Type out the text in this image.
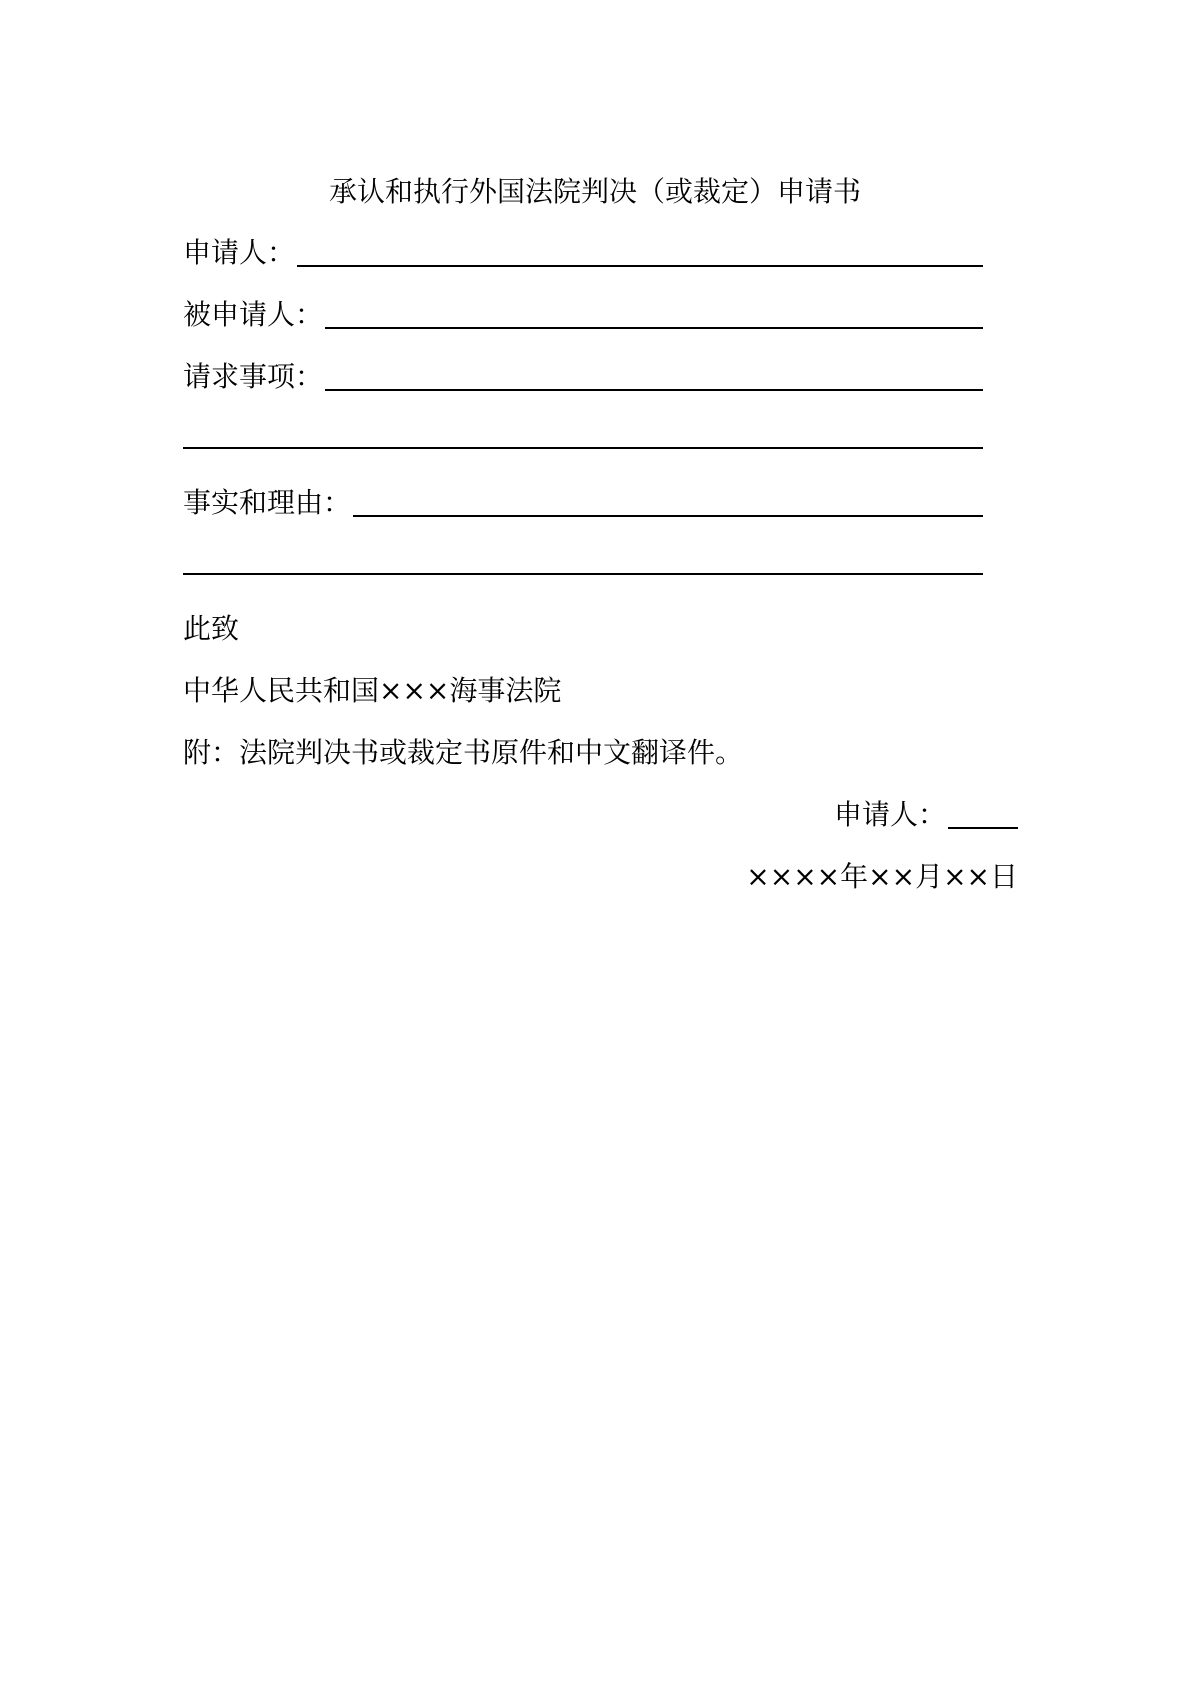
承认和执行外国法院判决（或裁定）申请书
申请人：
被申请人：
请求事项：
事实和理由：
此致
中华人民共和国×××海事法院
附：法院判决书或裁定书原件和中文翻译件。
申请人：
××××年××月××日
